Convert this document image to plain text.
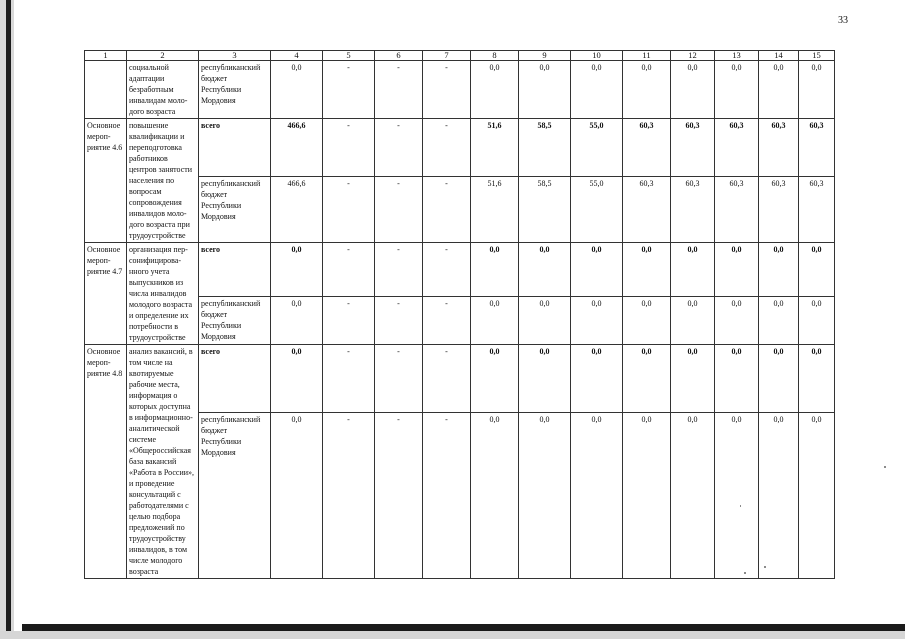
33
1	2	3	4	5	6	7	8	9	10	11	12	13	14	15
	социальной адаптации безработным инвалидам моло-дого возраста	республиканский бюджет Республики Мордовия	0,0	-	-	-	0,0	0,0	0,0	0,0	0,0	0,0	0,0	0,0
Основное мероп-риятие 4.6	повышение квалификации и переподготовка работников центров занятости населения по вопросам сопровождения инвалидов моло-дого возраста при трудоустройстве	всего	466,6	-	-	-	51,6	58,5	55,0	60,3	60,3	60,3	60,3	60,3
		республиканский бюджет Республики Мордовия	466,6	-	-	-	51,6	58,5	55,0	60,3	60,3	60,3	60,3	60,3
Основное мероп-риятие 4.7	организация пер-сонифицирова-нного учета выпускников из числа инвалидов молодого возраста и определение их потребности в трудоустройстве	всего	0,0	-	-	-	0,0	0,0	0,0	0,0	0,0	0,0	0,0	0,0
		республиканский бюджет Республики Мордовия	0,0	-	-	-	0,0	0,0	0,0	0,0	0,0	0,0	0,0	0,0
Основное мероп-риятие 4.8	анализ вакансий, в том числе на квотируемые рабочие места, информация о которых доступна в информационно-аналитической системе «Общероссийская база вакансий «Работа в России», и проведение консультаций с работодателями с целью подбора предложений по трудоустройству инвалидов, в том числе молодого возраста	всего	0,0	-	-	-	0,0	0,0	0,0	0,0	0,0	0,0	0,0	0,0
		республиканский бюджет Республики Мордовия	0,0	-	-	-	0,0	0,0	0,0	0,0	0,0	0,0	0,0	0,0
